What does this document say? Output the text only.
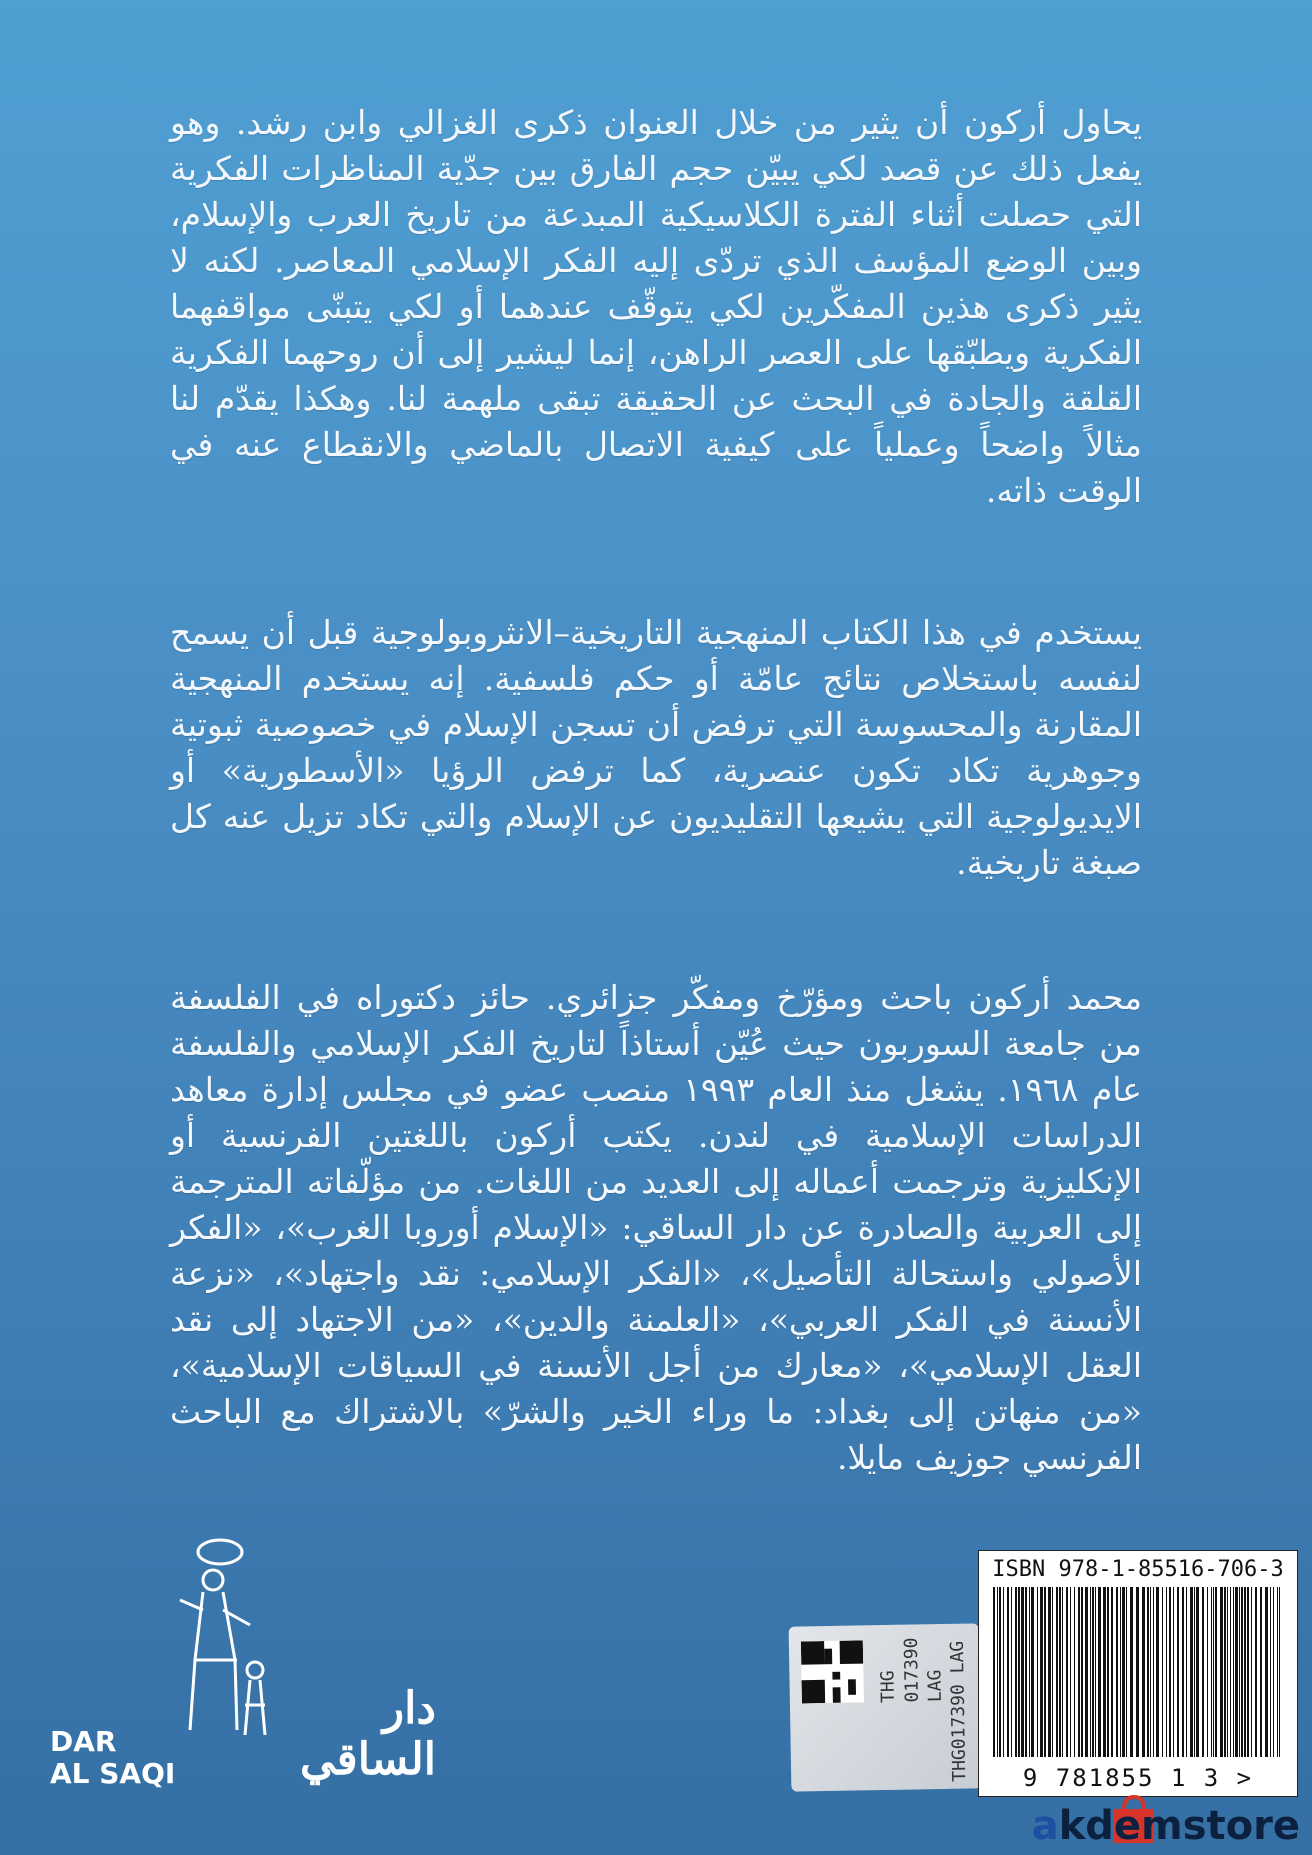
يحاول أركون أن يثير من خلال العنوان ذكرى الغزالي وابن رشد. وهو يفعل ذلك عن قصد لكي يبيّن حجم الفارق بين جدّية المناظرات الفكرية التي حصلت أثناء الفترة الكلاسيكية المبدعة من تاريخ العرب والإسلام، وبين الوضع المؤسف الذي تردّى إليه الفكر الإسلامي المعاصر. لكنه لا يثير ذكرى هذين المفكّرين لكي يتوقّف عندهما أو لكي يتبنّى مواقفهما الفكرية ويطبّقها على العصر الراهن، إنما ليشير إلى أن روحهما الفكرية القلقة والجادة في البحث عن الحقيقة تبقى ملهمة لنا. وهكذا يقدّم لنا مثالاً واضحاً وعملياً على كيفية الاتصال بالماضي والانقطاع عنه في الوقت ذاته.

يستخدم في هذا الكتاب المنهجية التاريخية–الانثروبولوجية قبل أن يسمح لنفسه باستخلاص نتائج عامّة أو حكم فلسفية. إنه يستخدم المنهجية المقارنة والمحسوسة التي ترفض أن تسجن الإسلام في خصوصية ثبوتية وجوهرية تكاد تكون عنصرية، كما ترفض الرؤيا «الأسطورية» أو الايديولوجية التي يشيعها التقليديون عن الإسلام والتي تكاد تزيل عنه كل صبغة تاريخية.

محمد أركون باحث ومؤرّخ ومفكّر جزائري. حائز دكتوراه في الفلسفة من جامعة السوربون حيث عُيّن أستاذاً لتاريخ الفكر الإسلامي والفلسفة عام ١٩٦٨. يشغل منذ العام ١٩٩٣ منصب عضو في مجلس إدارة معاهد الدراسات الإسلامية في لندن. يكتب أركون باللغتين الفرنسية أو الإنكليزية وترجمت أعماله إلى العديد من اللغات. من مؤلّفاته المترجمة إلى العربية والصادرة عن دار الساقي: «الإسلام أوروبا الغرب»، «الفكر الأصولي واستحالة التأصيل»، «الفكر الإسلامي: نقد واجتهاد»، «نزعة الأنسنة في الفكر العربي»، «العلمنة والدين»، «من الاجتهاد إلى نقد العقل الإسلامي»، «معارك من أجل الأنسنة في السياقات الإسلامية»، «من منهاتن إلى بغداد: ما وراء الخير والشرّ» بالاشتراك مع الباحث الفرنسي جوزيف مايلا.

DAR
AL SAQI
دار الساقي
THG 017390 LAG THG017390 LAG
ISBN 978-1-85516-706-3
9 781855 1 3 >
akdemstore
